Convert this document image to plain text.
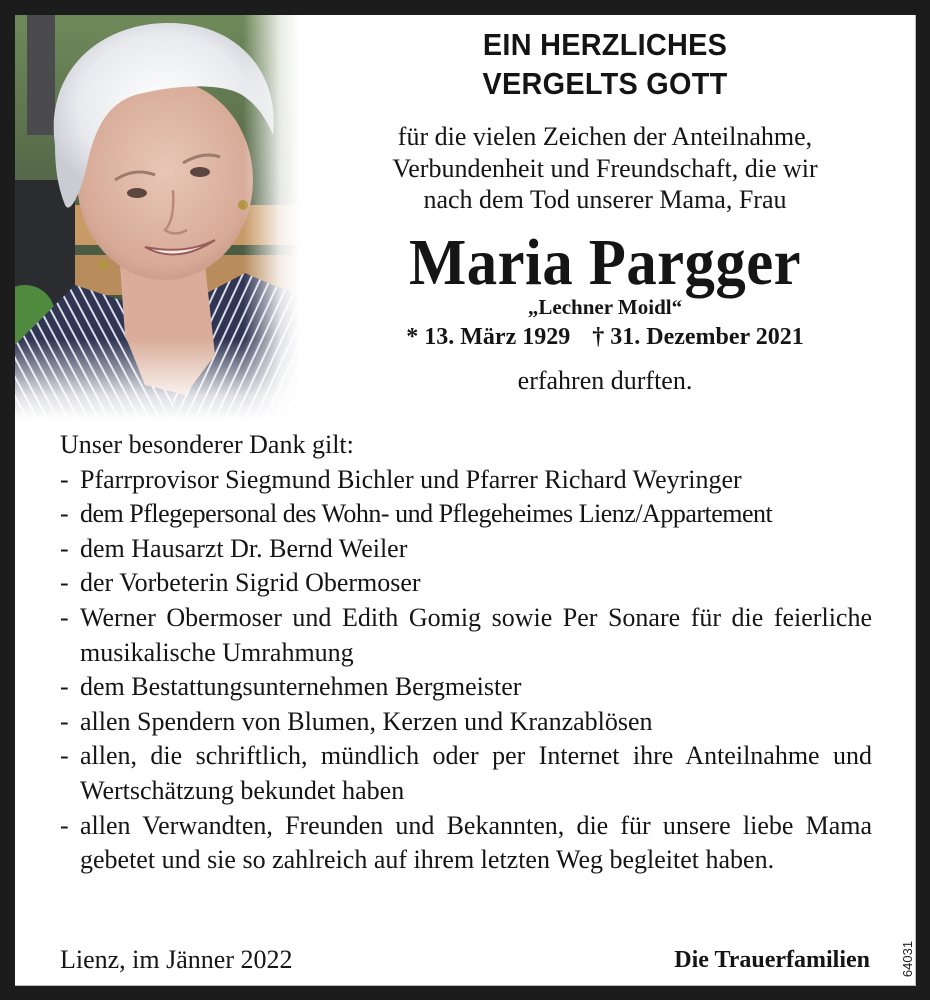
EIN HERZLICHES
VERGELTS GOTT
für die vielen Zeichen der Anteilnahme,
Verbundenheit und Freundschaft, die wir
nach dem Tod unserer Mama, Frau
Maria Pargger
„Lechner Moidl“
* 13. März 1929 † 31. Dezember 2021
erfahren durften.
Unser besonderer Dank gilt:
- Pfarrprovisor Siegmund Bichler und Pfarrer Richard Weyringer
- dem Pflegepersonal des Wohn- und Pflegeheimes Lienz/Appartement
- dem Hausarzt Dr. Bernd Weiler
- der Vorbeterin Sigrid Obermoser
- Werner Obermoser und Edith Gomig sowie Per Sonare für die feierliche musikalische Umrahmung
- dem Bestattungsunternehmen Bergmeister
- allen Spendern von Blumen, Kerzen und Kranzablösen
- allen, die schriftlich, mündlich oder per Internet ihre Anteilnahme und Wertschätzung bekundet haben
- allen Verwandten, Freunden und Bekannten, die für unsere liebe Mama gebetet und sie so zahlreich auf ihrem letzten Weg begleitet haben.
Lienz, im Jänner 2022	Die Trauerfamilien 64031
